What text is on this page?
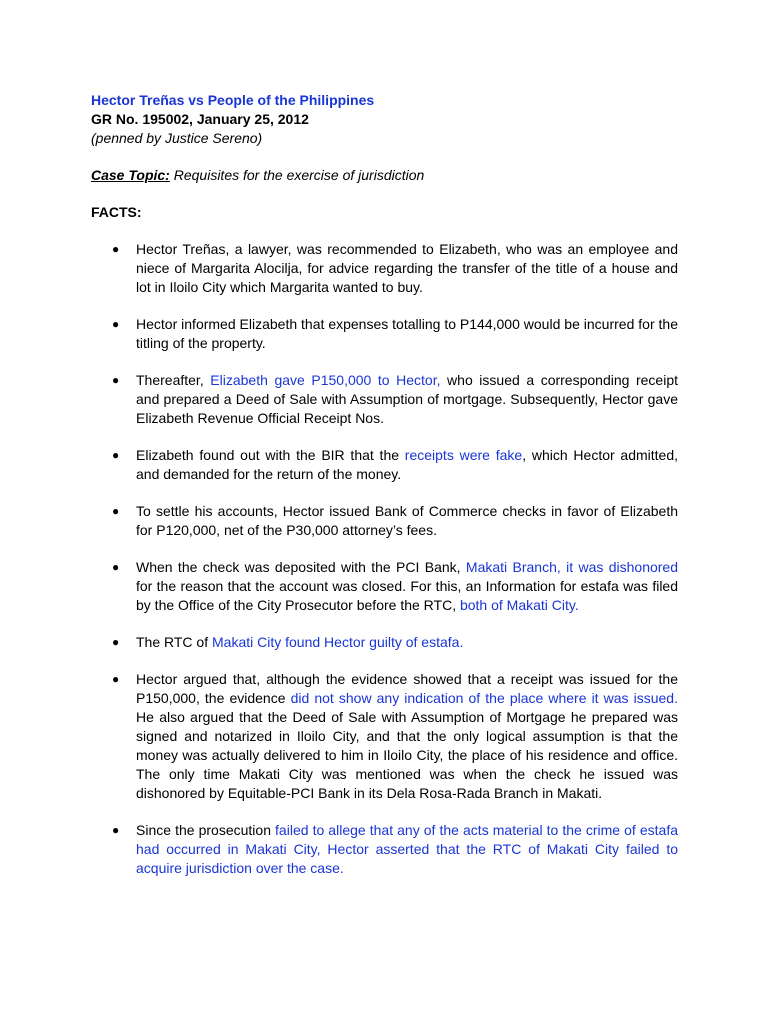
Hector Treñas vs People of the Philippines
GR No. 195002, January 25, 2012
(penned by Justice Sereno)
Case Topic: Requisites for the exercise of jurisdiction
FACTS:
● Hector Treñas, a lawyer, was recommended to Elizabeth, who was an employee and niece of Margarita Alocilja, for advice regarding the transfer of the title of a house and lot in Iloilo City which Margarita wanted to buy.
● Hector informed Elizabeth that expenses totalling to P144,000 would be incurred for the titling of the property.
● Thereafter, Elizabeth gave P150,000 to Hector, who issued a corresponding receipt and prepared a Deed of Sale with Assumption of mortgage. Subsequently, Hector gave Elizabeth Revenue Official Receipt Nos.
● Elizabeth found out with the BIR that the receipts were fake, which Hector admitted, and demanded for the return of the money.
● To settle his accounts, Hector issued Bank of Commerce checks in favor of Elizabeth for P120,000, net of the P30,000 attorney’s fees.
● When the check was deposited with the PCI Bank, Makati Branch, it was dishonored for the reason that the account was closed. For this, an Information for estafa was filed by the Office of the City Prosecutor before the RTC, both of Makati City.
● The RTC of Makati City found Hector guilty of estafa.
● Hector argued that, although the evidence showed that a receipt was issued for the P150,000, the evidence did not show any indication of the place where it was issued. He also argued that the Deed of Sale with Assumption of Mortgage he prepared was signed and notarized in Iloilo City, and that the only logical assumption is that the money was actually delivered to him in Iloilo City, the place of his residence and office. The only time Makati City was mentioned was when the check he issued was dishonored by Equitable-PCI Bank in its Dela Rosa-Rada Branch in Makati.
● Since the prosecution failed to allege that any of the acts material to the crime of estafa had occurred in Makati City, Hector asserted that the RTC of Makati City failed to acquire jurisdiction over the case.
